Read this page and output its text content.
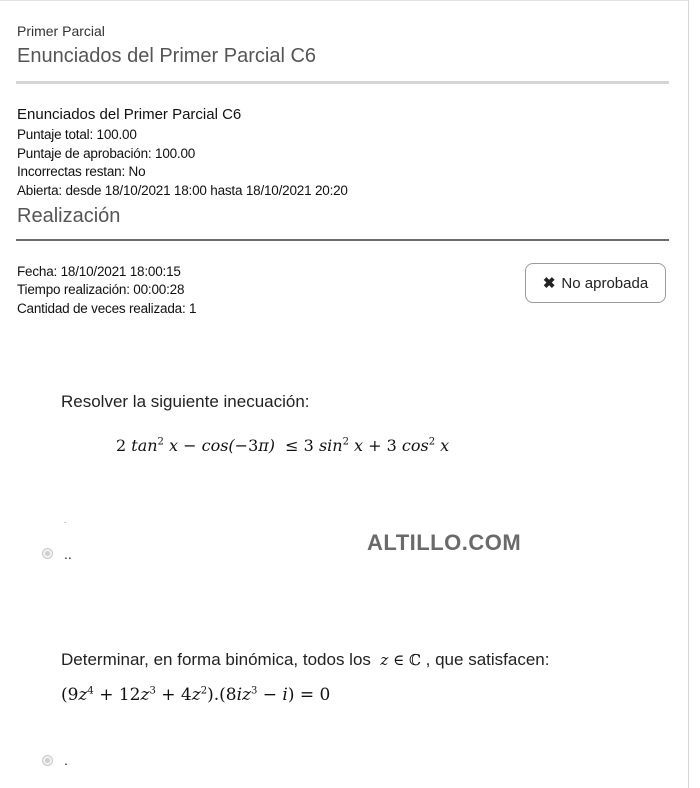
Primer Parcial
Enunciados del Primer Parcial C6
Enunciados del Primer Parcial C6
Puntaje total: 100.00
Puntaje de aprobación: 100.00
Incorrectas restan: No
Abierta: desde 18/10/2021 18:00 hasta 18/10/2021 20:20
Realización
Fecha: 18/10/2021 18:00:15
Tiempo realización: 00:00:28
Cantidad de veces realizada: 1
✖ No aprobada
Resolver la siguiente inecuación:
2 $\tan^2 x - \cos(-3\pi) \le 3$ $\sin^2 x + 3$ $\cos^2 x$
.
..	ALTILLO.COM
Determinar, en forma binómica, todos los  z ∈ ℂ , que satisfacen:
$(9z^4 + 12z^3 + 4z^2).(8iz^3 - i) = 0$
.
